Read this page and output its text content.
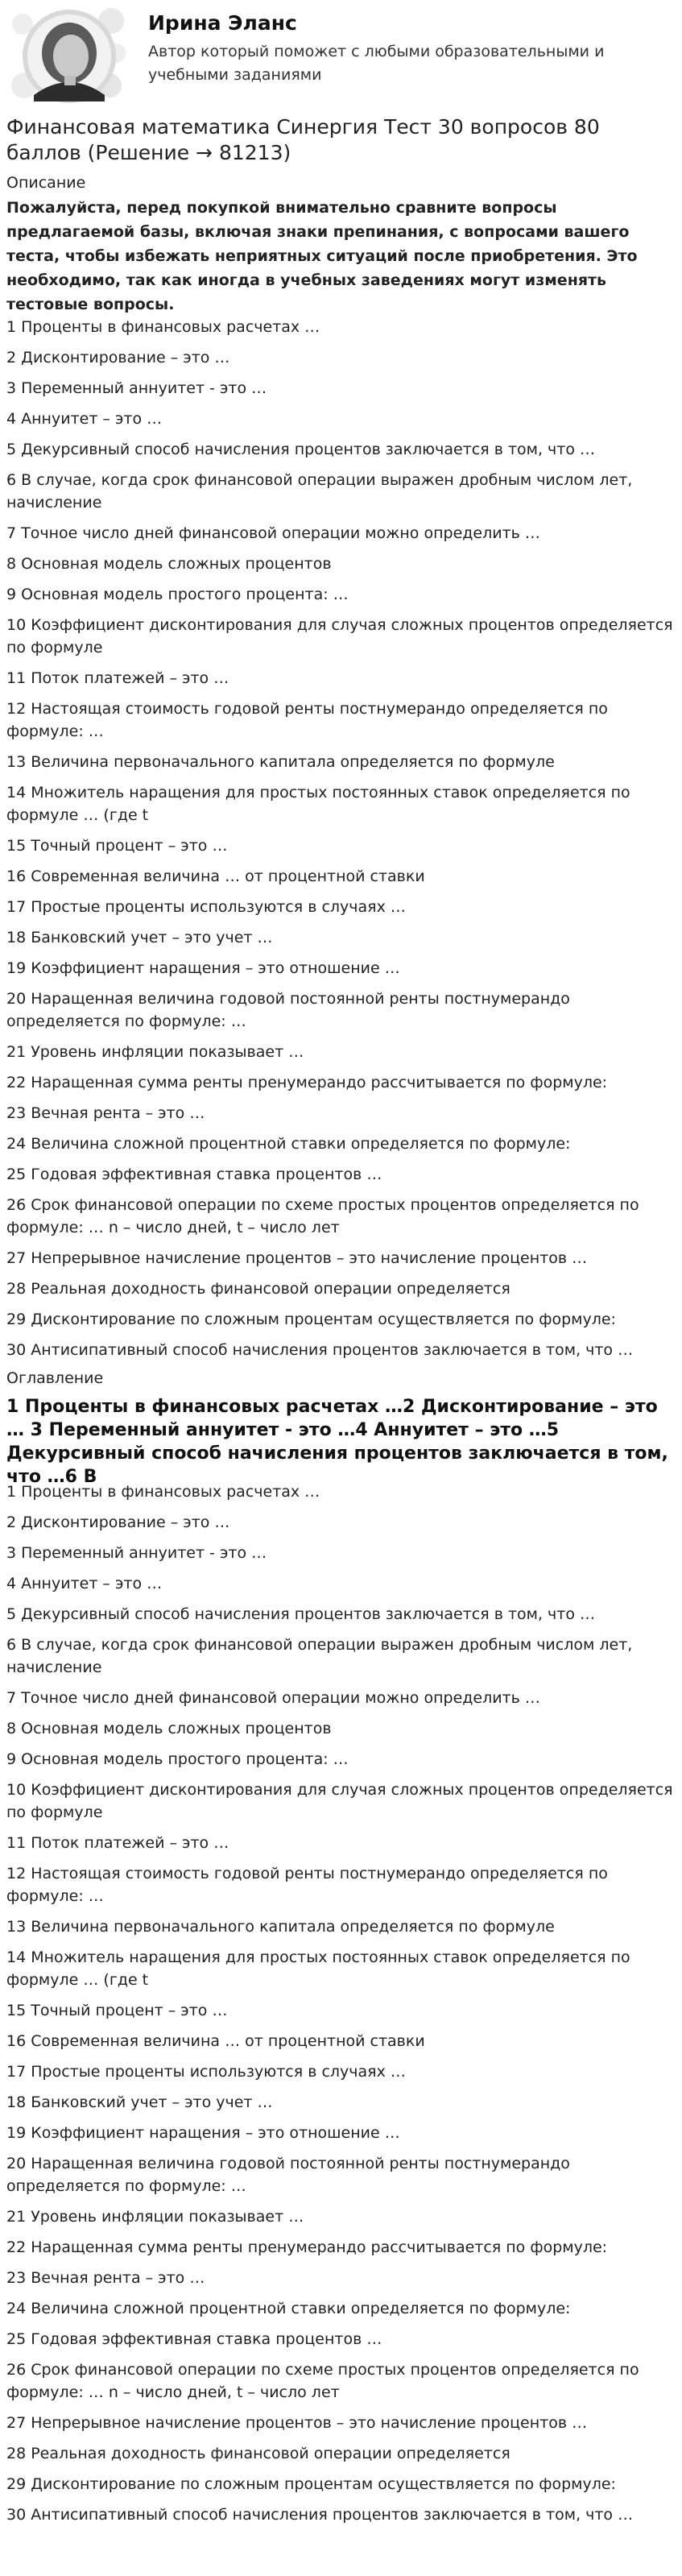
Ирина Эланс
Автор который поможет с любыми образовательными и учебными заданиями
Финансовая математика Синергия Тест 30 вопросов 80 баллов (Решение → 81213)
Описание

Пожалуйста, перед покупкой внимательно сравните вопросы предлагаемой базы, включая знаки препинания, с вопросами вашего теста, чтобы избежать неприятных ситуаций после приобретения. Это необходимо, так как иногда в учебных заведениях могут изменять тестовые вопросы.

1 Проценты в финансовых расчетах …
2 Дисконтирование – это …
3 Переменный аннуитет - это …
4 Аннуитет – это …
5 Декурсивный способ начисления процентов заключается в том, что …
6 В случае, когда срок финансовой операции выражен дробным числом лет, начисление
7 Точное число дней финансовой операции можно определить …
8 Основная модель сложных процентов
9 Основная модель простого процента: …
10 Коэффициент дисконтирования для случая сложных процентов определяется по формуле
11 Поток платежей – это …
12 Настоящая стоимость годовой ренты постнумерандо определяется по формуле: …
13 Величина первоначального капитала определяется по формуле
14 Множитель наращения для простых постоянных ставок определяется по формуле … (где t
15 Точный процент – это …
16 Современная величина … от процентной ставки
17 Простые проценты используются в случаях …
18 Банковский учет – это учет …
19 Коэффициент наращения – это отношение …
20 Наращенная величина годовой постоянной ренты постнумерандо определяется по формуле: …
21 Уровень инфляции показывает …
22 Наращенная сумма ренты пренумерандо рассчитывается по формуле:
23 Вечная рента – это …
24 Величина сложной процентной ставки определяется по формуле:
25 Годовая эффективная ставка процентов …
26 Срок финансовой операции по схеме простых процентов определяется по формуле: … n – число дней, t – число лет
27 Непрерывное начисление процентов – это начисление процентов …
28 Реальная доходность финансовой операции определяется
29 Дисконтирование по сложным процентам осуществляется по формуле:
30 Антисипативный способ начисления процентов заключается в том, что …
Оглавление
1 Проценты в финансовых расчетах …2 Дисконтирование – это … 3 Переменный аннуитет - это …4 Аннуитет – это …5 Декурсивный способ начисления процентов заключается в том, что …6 В
1 Проценты в финансовых расчетах …
2 Дисконтирование – это …
3 Переменный аннуитет - это …
4 Аннуитет – это …
5 Декурсивный способ начисления процентов заключается в том, что …
6 В случае, когда срок финансовой операции выражен дробным числом лет, начисление
7 Точное число дней финансовой операции можно определить …
8 Основная модель сложных процентов
9 Основная модель простого процента: …
10 Коэффициент дисконтирования для случая сложных процентов определяется по формуле
11 Поток платежей – это …
12 Настоящая стоимость годовой ренты постнумерандо определяется по формуле: …
13 Величина первоначального капитала определяется по формуле
14 Множитель наращения для простых постоянных ставок определяется по формуле … (где t
15 Точный процент – это …
16 Современная величина … от процентной ставки
17 Простые проценты используются в случаях …
18 Банковский учет – это учет …
19 Коэффициент наращения – это отношение …
20 Наращенная величина годовой постоянной ренты постнумерандо определяется по формуле: …
21 Уровень инфляции показывает …
22 Наращенная сумма ренты пренумерандо рассчитывается по формуле:
23 Вечная рента – это …
24 Величина сложной процентной ставки определяется по формуле:
25 Годовая эффективная ставка процентов …
26 Срок финансовой операции по схеме простых процентов определяется по формуле: … n – число дней, t – число лет
27 Непрерывное начисление процентов – это начисление процентов …
28 Реальная доходность финансовой операции определяется
29 Дисконтирование по сложным процентам осуществляется по формуле:
30 Антисипативный способ начисления процентов заключается в том, что …
